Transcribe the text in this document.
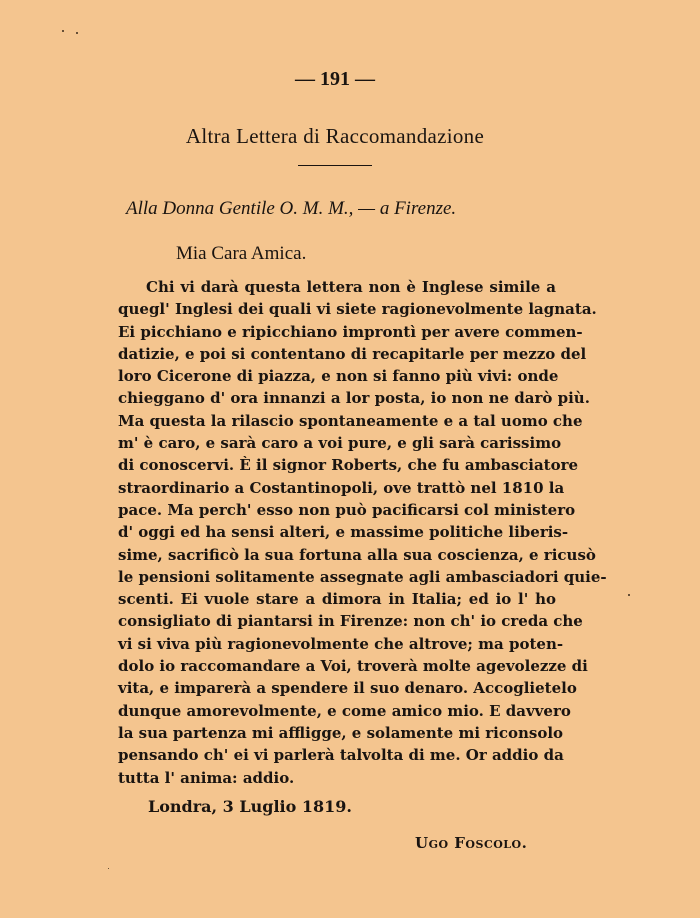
— 191 —
Altra Lettera di Raccomandazione
Alla Donna Gentile O. M. M., — a Firenze.
Mia Cara Amica.
Chi vi darà questa lettera non è Inglese simile a
quegl' Inglesi dei quali vi siete ragionevolmente lagnata.
Ei picchiano e ripicchiano improntì per avere commen-
datizie, e poi si contentano di recapitarle per mezzo del
loro Cicerone di piazza, e non si fanno più vivi: onde
chieggano d' ora innanzi a lor posta, io non ne darò più.
Ma questa la rilascio spontaneamente e a tal uomo che
m' è caro, e sarà caro a voi pure, e gli sarà carissimo
di conoscervi. È il signor Roberts, che fu ambasciatore
straordinario a Costantinopoli, ove trattò nel 1810 la
pace. Ma perch' esso non può pacificarsi col ministero
d' oggi ed ha sensi alteri, e massime politiche liberis-
sime, sacrificò la sua fortuna alla sua coscienza, e ricusò
le pensioni solitamente assegnate agli ambasciadori quie-
scenti. Ei vuole stare a dimora in Italia; ed io l' ho
consigliato di piantarsi in Firenze: non ch' io creda che
vi si viva più ragionevolmente che altrove; ma poten-
dolo io raccomandare a Voi, troverà molte agevolezze di
vita, e imparerà a spendere il suo denaro. Accoglietelo
dunque amorevolmente, e come amico mio. E davvero
la sua partenza mi affligge, e solamente mi riconsolo
pensando ch' ei vi parlerà talvolta di me. Or addio da
tutta l' anima: addio.
Londra, 3 Luglio 1819.
Ugo Foscolo.
